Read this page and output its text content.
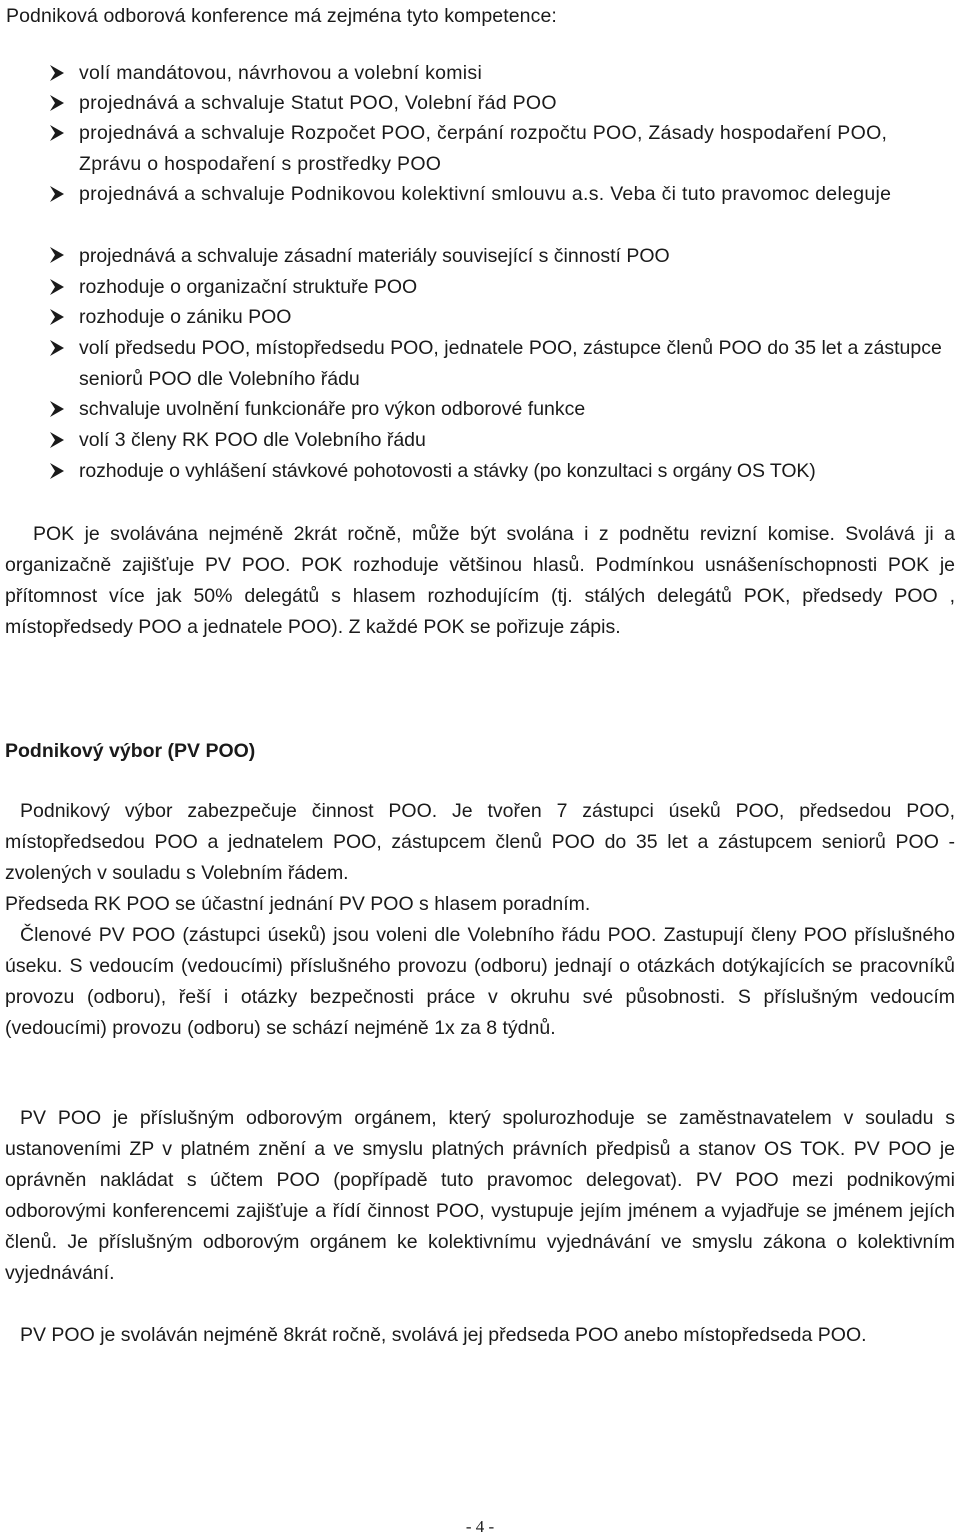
Podniková odborová konference má zejména tyto kompetence:
volí mandátovou, návrhovou a volební komisi
projednává a schvaluje Statut POO, Volební řád POO
projednává a schvaluje Rozpočet POO, čerpání rozpočtu POO, Zásady hospodaření POO, Zprávu o hospodaření s prostředky POO
projednává a schvaluje Podnikovou kolektivní smlouvu a.s. Veba či tuto pravomoc deleguje
projednává a schvaluje zásadní materiály související s činností POO
rozhoduje o organizační struktuře POO
rozhoduje o zániku POO
volí předsedu POO, místopředsedu POO, jednatele POO, zástupce členů POO do 35 let a zástupce seniorů POO dle Volebního řádu
schvaluje uvolnění funkcionáře pro výkon odborové funkce
volí 3 členy RK POO dle Volebního řádu
rozhoduje o vyhlášení stávkové pohotovosti a stávky (po konzultaci s orgány OS TOK)

POK je svolávána nejméně 2krát ročně, může být svolána i z podnětu revizní komise. Svolává ji a organizačně zajišťuje PV POO. POK rozhoduje většinou hlasů. Podmínkou usnášeníschopnosti POK je přítomnost více jak 50% delegátů s hlasem rozhodujícím (tj. stálých delegátů POK, předsedy POO , místopředsedy POO a jednatele POO). Z každé POK se pořizuje zápis.

Podnikový výbor (PV POO)

Podnikový výbor zabezpečuje činnost POO. Je tvořen 7 zástupci úseků POO, předsedou POO, místopředsedou POO a jednatelem POO, zástupcem členů POO do 35 let a zástupcem seniorů POO - zvolených v souladu s Volebním řádem.

Předseda RK POO se účastní jednání PV POO s hlasem poradním.

Členové PV POO (zástupci úseků) jsou voleni dle Volebního řádu POO. Zastupují členy POO příslušného úseku. S vedoucím (vedoucími) příslušného provozu (odboru) jednají o otázkách dotýkajících se pracovníků provozu (odboru), řeší i otázky bezpečnosti práce v okruhu své působnosti. S příslušným vedoucím (vedoucími) provozu (odboru) se schází nejméně 1x za 8 týdnů.

PV POO je příslušným odborovým orgánem, který spolurozhoduje se zaměstnavatelem v souladu s ustanoveními ZP v platném znění a ve smyslu platných právních předpisů a stanov OS TOK. PV POO je oprávněn nakládat s účtem POO (popřípadě tuto pravomoc delegovat). PV POO mezi podnikovými odborovými konferencemi zajišťuje a řídí činnost POO, vystupuje jejím jménem a vyjadřuje se jménem jejích členů. Je příslušným odborovým orgánem ke kolektivnímu vyjednávání ve smyslu zákona o kolektivním vyjednávání.

PV POO je svoláván nejméně 8krát ročně, svolává jej předseda POO anebo místopředseda POO.

- 4 -
